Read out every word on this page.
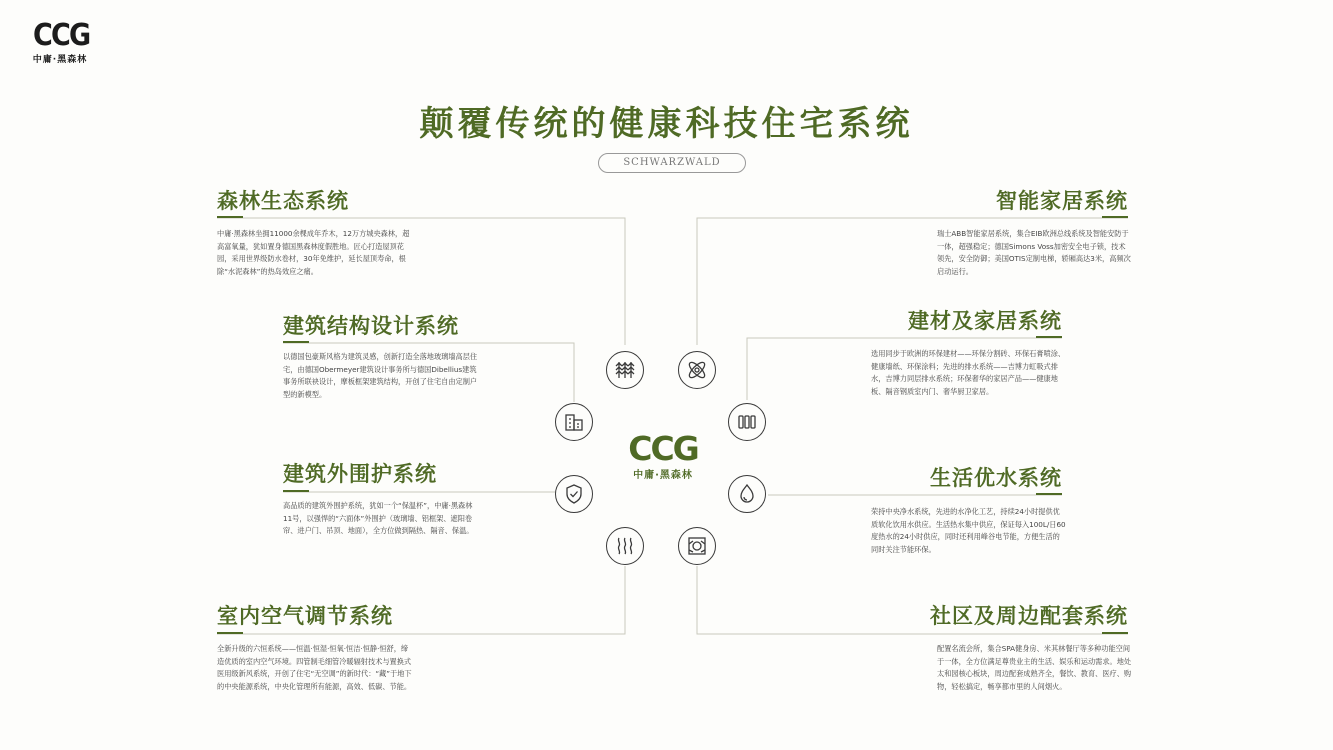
CCG
中庸·黑森林
颠覆传统的健康科技住宅系统
SCHWARZWALD
森林生态系统
中庸·黑森林坐拥11000余棵成年乔木，12万方城央森林，超高富氧量，犹如置身德国黑森林度假胜地。匠心打造屋顶花园，采用世界级防水卷材，30年免维护，延长屋顶寿命，根除“水泥森林”的热岛效应之痛。
建筑结构设计系统
以德国包豪斯风格为建筑灵感，创新打造全落地玻璃墙高层住宅，由德国Obermeyer建筑设计事务所与德国Dibellius建筑事务所联袂设计，摩板框架建筑结构，开创了住宅自由定制户型的新模型。
建筑外围护系统
高品质的建筑外围护系统，犹如一个“保温杯”，中庸·黑森林11号，以强悍的“六面体”外围护（玻璃墙、铝框架、遮阳卷帘、进户门、吊顶、地面），全方位做到隔热、隔音、保温。
室内空气调节系统
全新升级的六恒系统——恒温·恒湿·恒氧·恒洁·恒静·恒舒，缔造优质的室内空气环境。四管制毛细管冷暖辐射技术与置换式医用级新风系统，开创了住宅“无空调”的新时代：“藏”于地下的中央能源系统，中央化管理所有能源，高效、低碳、节能。
智能家居系统
瑞士ABB智能家居系统，集合EIB欧洲总线系统及智能安防于一体，超强稳定；德国Simons Voss加密安全电子锁，技术领先，安全防御；美国OTIS定制电梯，轿厢高达3米，高频次启动运行。
建材及家居系统
选用同步于欧洲的环保建材——环保分割砖、环保石膏喷涂、健康墙纸、环保涂料；先进的排水系统——吉博力虹吸式排水，吉博力同层排水系统；环保奢华的家居产品——健康地板、隔音钢质室内门、奢华厨卫家居。
生活优水系统
荣持中央净水系统，先进的水净化工艺，持续24小时提供优质软化饮用水供应。生活热水集中供应，保证每入100L/日60度热水的24小时供应，同时还利用峰谷电节能，方便生活的同时关注节能环保。
社区及周边配套系统
配置名流会所，集合SPA健身房、米其林餐厅等多种功能空间于一体，全方位满足尊贵业主的生活、娱乐和运动需求。地处太和园核心板块，周边配套成熟齐全，餐饮、教育、医疗、购物，轻松搞定，畅享都市里的人间烟火。
CCG
中庸·黑森林
